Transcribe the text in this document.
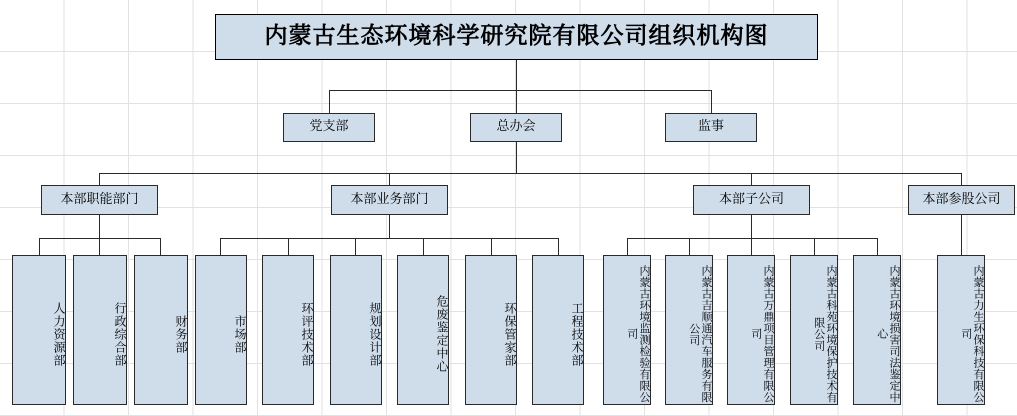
内蒙古生态环境科学研究院有限公司组织机构图
党支部	总办会	监事
本部职能部门	本部业务部门	本部子公司	本部参股公司
人力资源部	行政综合部	财务部	市场部	环评技术部	规划设计部	危废鉴定中心	环保管家部	工程技术部	内蒙古环境监测检验有限公司	内蒙古吉顺通汽车服务有限公司	内蒙古万鼎项目管理有限公司	内蒙古科苑环境保护技术有限公司	内蒙古环境损害司法鉴定中心	内蒙古力生环保科技有限公司
